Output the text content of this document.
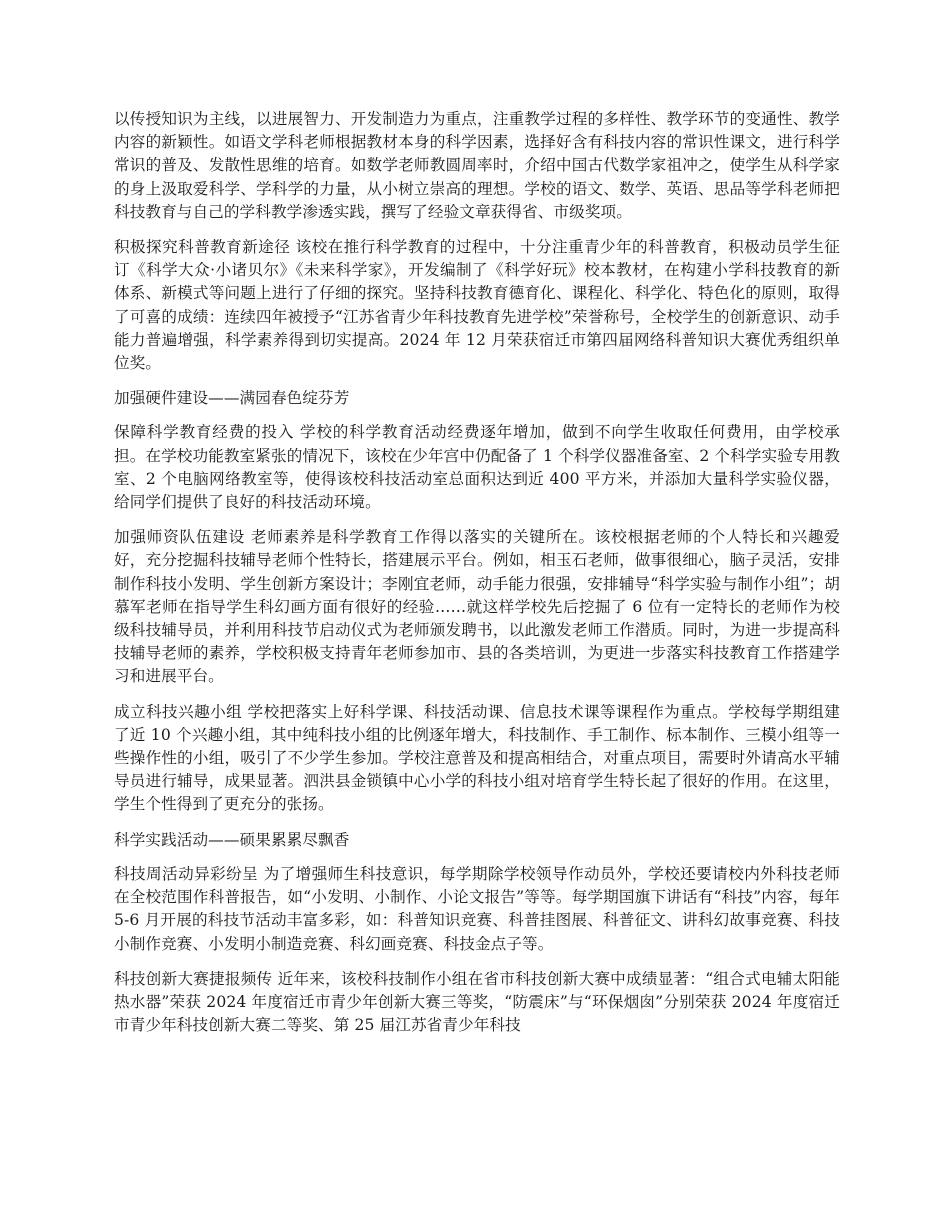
以传授知识为主线，以进展智力、开发制造力为重点，注重教学过程的多样性、教学环节的变通性、教学内容的新颖性。如语文学科老师根据教材本身的科学因素，选择好含有科技内容的常识性课文，进行科学常识的普及、发散性思维的培育。如数学老师教圆周率时，介绍中国古代数学家祖冲之，使学生从科学家的身上汲取爱科学、学科学的力量，从小树立崇高的理想。学校的语文、数学、英语、思品等学科老师把科技教育与自己的学科教学渗透实践，撰写了经验文章获得省、市级奖项。

积极探究科普教育新途径 该校在推行科学教育的过程中，十分注重青少年的科普教育，积极动员学生征订《科学大众·小诸贝尔》《未来科学家》，开发编制了《科学好玩》校本教材，在构建小学科技教育的新体系、新模式等问题上进行了仔细的探究。坚持科技教育德育化、课程化、科学化、特色化的原则，取得了可喜的成绩：连续四年被授予“江苏省青少年科技教育先进学校”荣誉称号，全校学生的创新意识、动手能力普遍增强，科学素养得到切实提高。2024 年 12 月荣获宿迁市第四届网络科普知识大赛优秀组织单位奖。

加强硬件建设——满园春色绽芬芳

保障科学教育经费的投入 学校的科学教育活动经费逐年增加，做到不向学生收取任何费用，由学校承担。在学校功能教室紧张的情况下，该校在少年宫中仍配备了 1 个科学仪器准备室、2 个科学实验专用教室、2 个电脑网络教室等，使得该校科技活动室总面积达到近 400 平方米，并添加大量科学实验仪器，给同学们提供了良好的科技活动环境。

加强师资队伍建设 老师素养是科学教育工作得以落实的关键所在。该校根据老师的个人特长和兴趣爱好，充分挖掘科技辅导老师个性特长，搭建展示平台。例如，相玉石老师，做事很细心，脑子灵活，安排制作科技小发明、学生创新方案设计；李刚宜老师，动手能力很强，安排辅导“科学实验与制作小组”；胡慕军老师在指导学生科幻画方面有很好的经验……就这样学校先后挖掘了 6 位有一定特长的老师作为校级科技辅导员，并利用科技节启动仪式为老师颁发聘书，以此激发老师工作潜质。同时，为进一步提高科技辅导老师的素养，学校积极支持青年老师参加市、县的各类培训，为更进一步落实科技教育工作搭建学习和进展平台。

成立科技兴趣小组 学校把落实上好科学课、科技活动课、信息技术课等课程作为重点。学校每学期组建了近 10 个兴趣小组，其中纯科技小组的比例逐年增大，科技制作、手工制作、标本制作、三模小组等一些操作性的小组，吸引了不少学生参加。学校注意普及和提高相结合，对重点项目，需要时外请高水平辅导员进行辅导，成果显著。泗洪县金锁镇中心小学的科技小组对培育学生特长起了很好的作用。在这里，学生个性得到了更充分的张扬。

科学实践活动——硕果累累尽飘香

科技周活动异彩纷呈 为了增强师生科技意识，每学期除学校领导作动员外，学校还要请校内外科技老师在全校范围作科普报告，如“小发明、小制作、小论文报告”等等。每学期国旗下讲话有“科技”内容，每年 5-6 月开展的科技节活动丰富多彩，如：科普知识竞赛、科普挂图展、科普征文、讲科幻故事竞赛、科技小制作竞赛、小发明小制造竞赛、科幻画竞赛、科技金点子等。

科技创新大赛捷报频传 近年来，该校科技制作小组在省市科技创新大赛中成绩显著：“组合式电辅太阳能热水器”荣获 2024 年度宿迁市青少年创新大赛三等奖，“防震床”与“环保烟囱”分别荣获 2024 年度宿迁市青少年科技创新大赛二等奖、第 25 届江苏省青少年科技
